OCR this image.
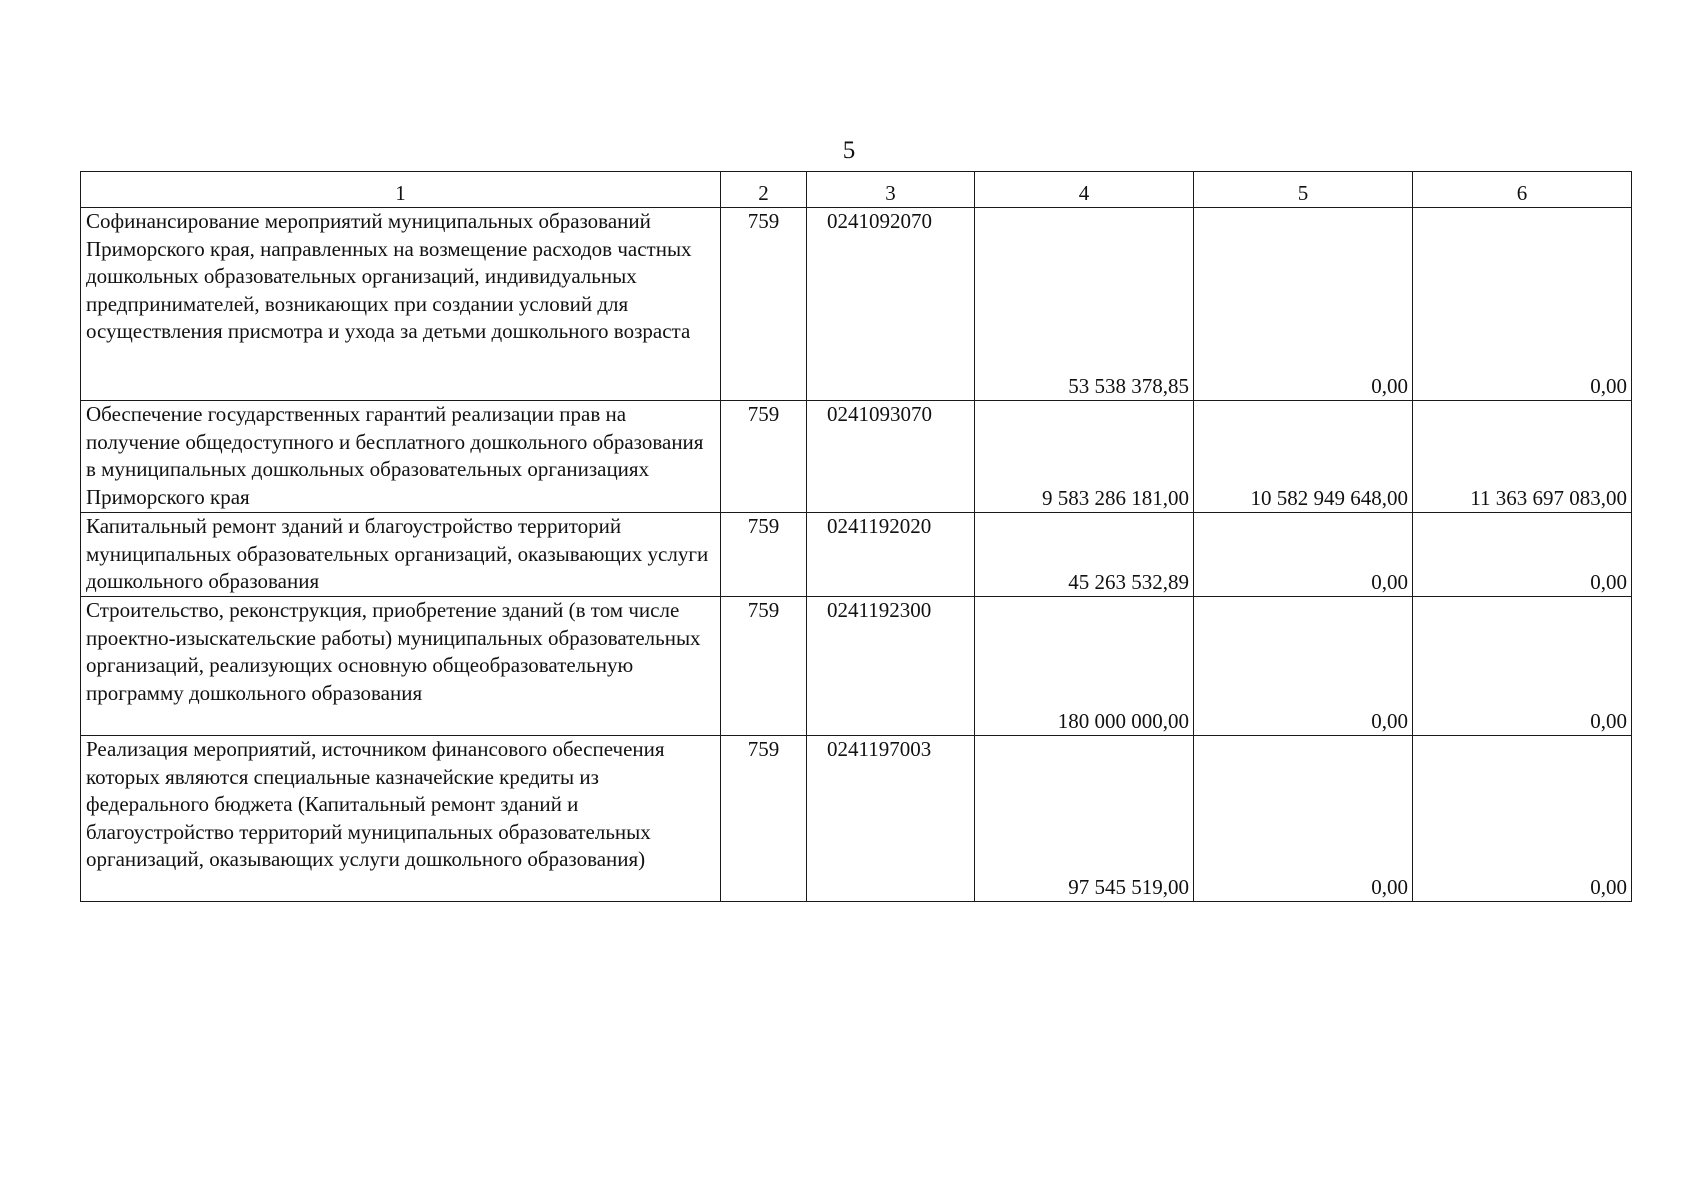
5
1	2	3	4	5	6
Софинансирование мероприятий муниципальных образований Приморского края, направленных на возмещение расходов частных дошкольных образовательных организаций, индивидуальных предпринимателей, возникающих при создании условий для осуществления присмотра и ухода за детьми дошкольного возраста	759	0241092070	53 538 378,85	0,00	0,00
Обеспечение государственных гарантий реализации прав на получение общедоступного и бесплатного дошкольного образования в муниципальных дошкольных образовательных организациях Приморского края	759	0241093070	9 583 286 181,00	10 582 949 648,00	11 363 697 083,00
Капитальный ремонт зданий и благоустройство территорий муниципальных образовательных организаций, оказывающих услуги дошкольного образования	759	0241192020	45 263 532,89	0,00	0,00
Строительство, реконструкция, приобретение зданий (в том числе проектно-изыскательские работы) муниципальных образовательных организаций, реализующих основную общеобразовательную программу дошкольного образования	759	0241192300	180 000 000,00	0,00	0,00
Реализация мероприятий, источником финансового обеспечения которых являются специальные казначейские кредиты из федерального бюджета (Капитальный ремонт зданий и благоустройство территорий муниципальных образовательных организаций, оказывающих услуги дошкольного образования)	759	0241197003	97 545 519,00	0,00	0,00
